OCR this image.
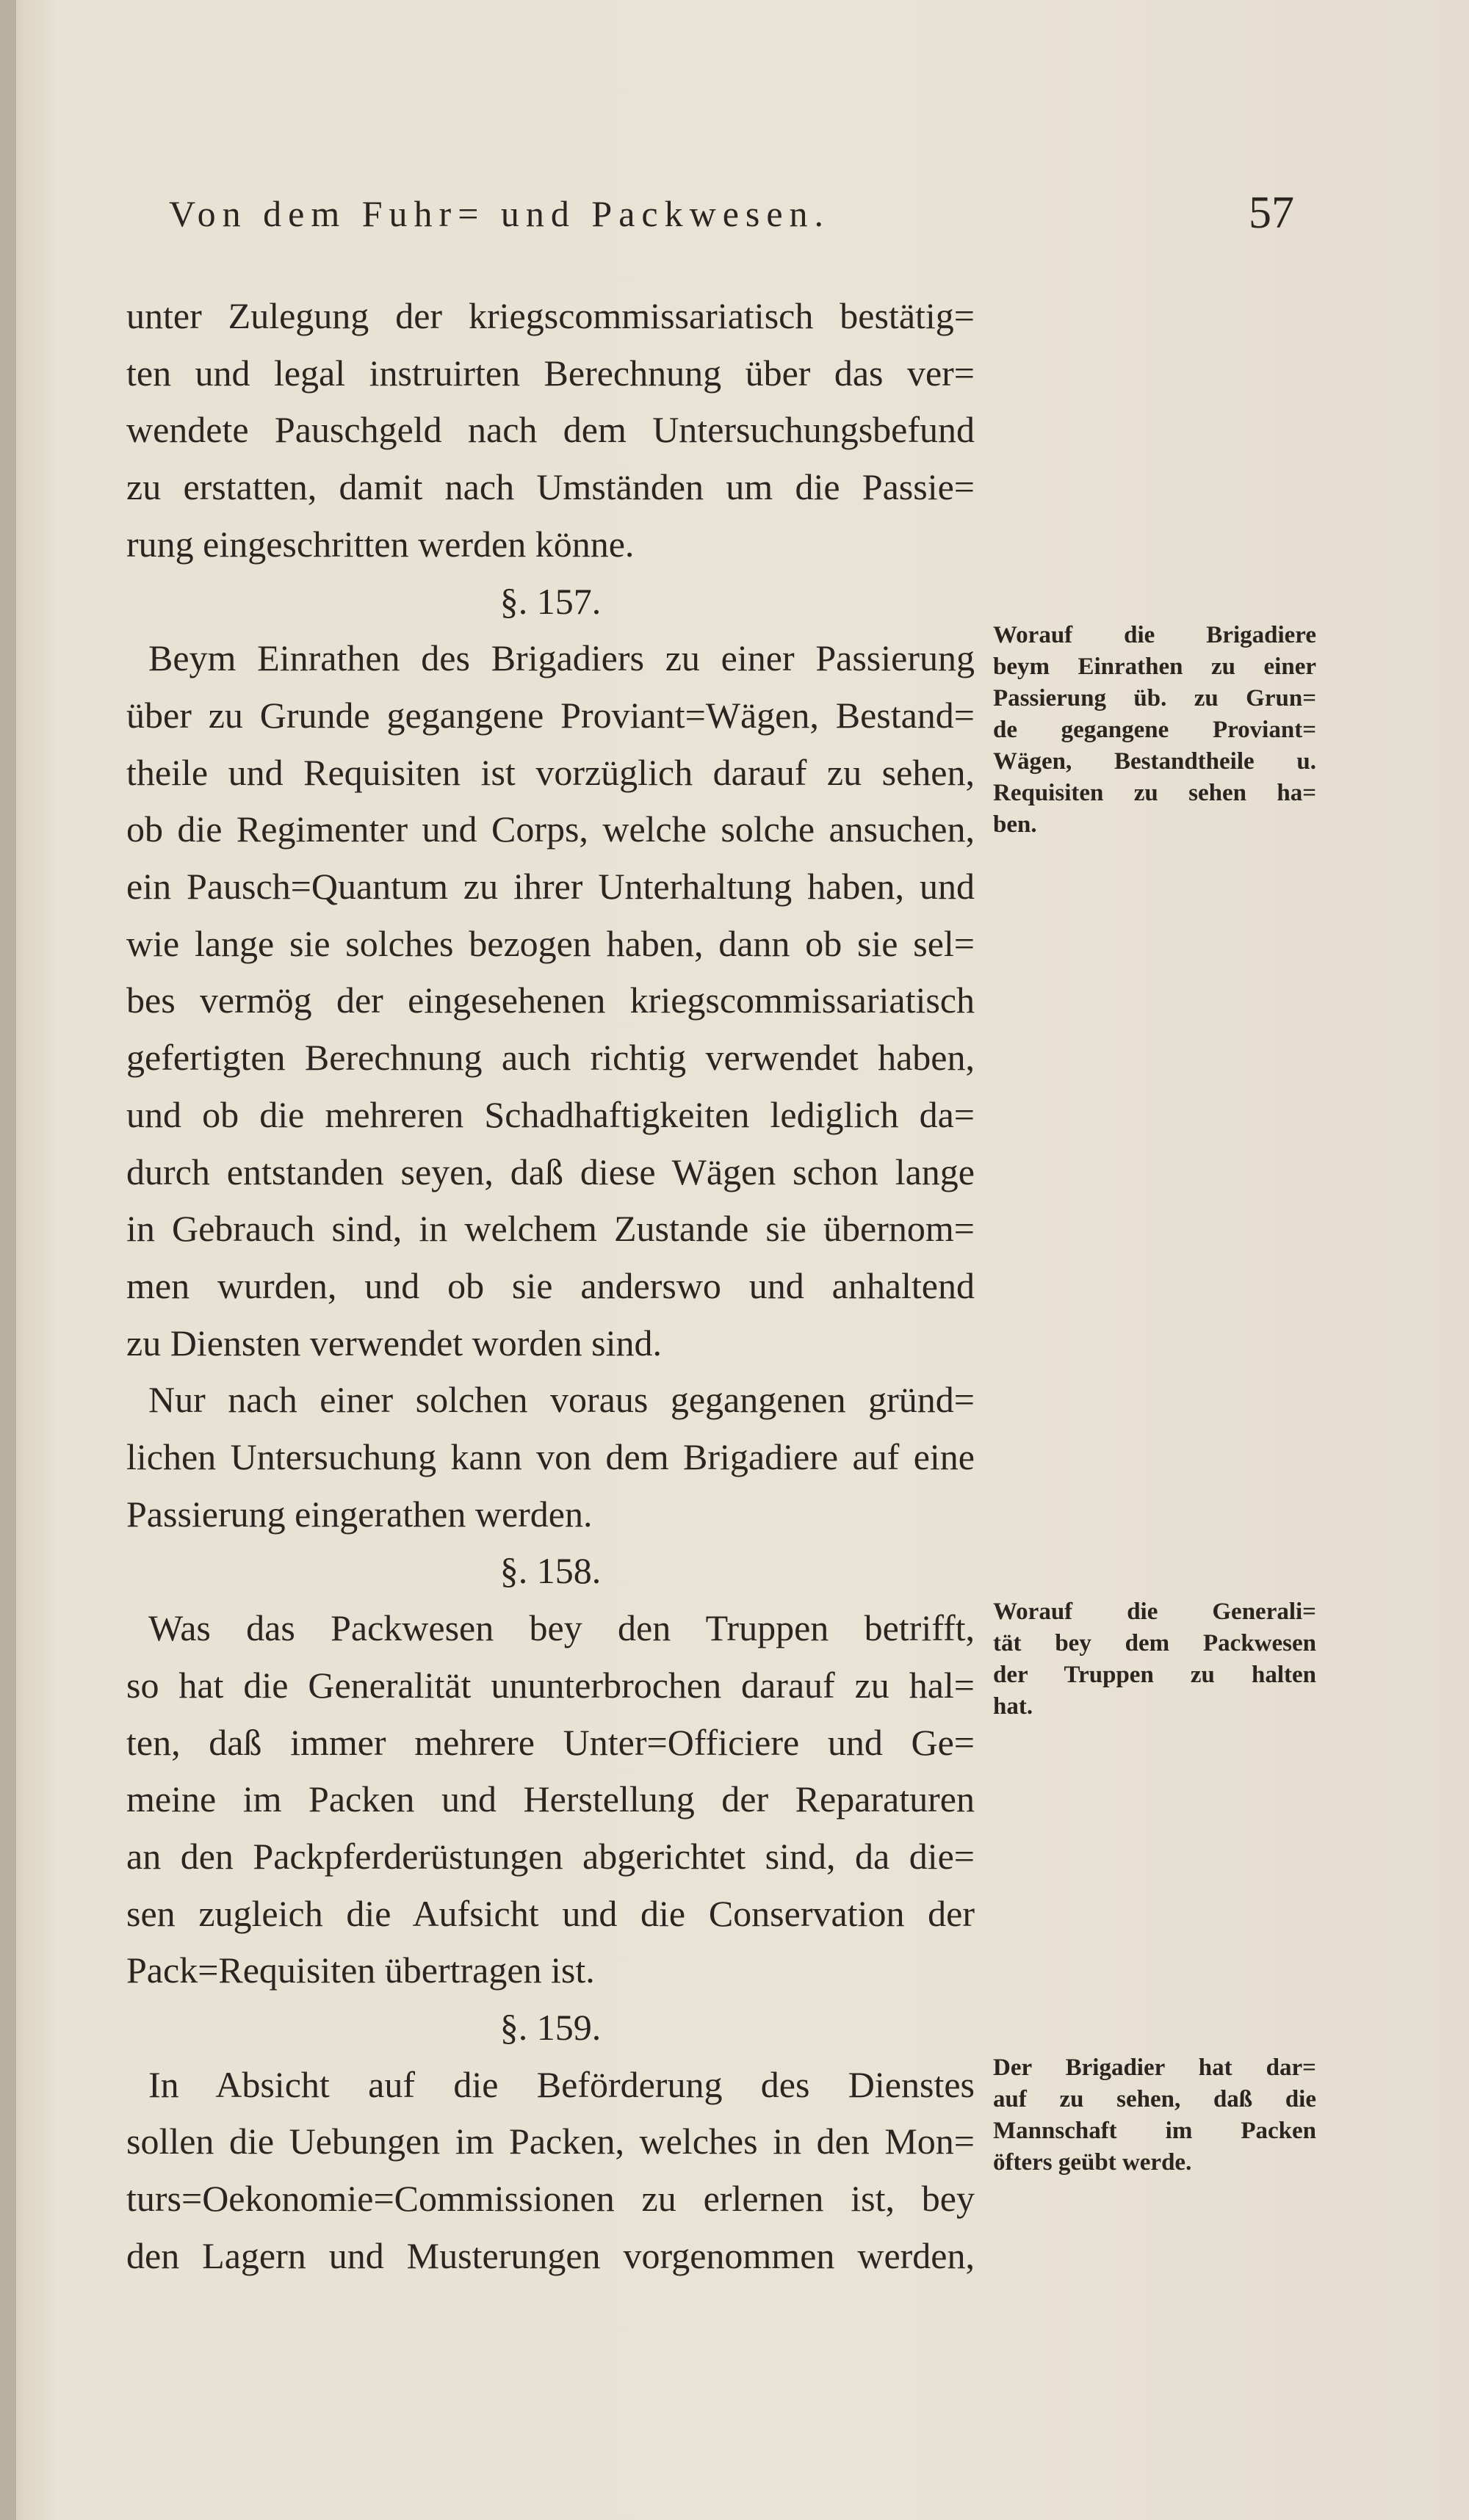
Von dem Fuhr= und Packwesen.	57
unter Zulegung der kriegscommissariatisch bestätig=
ten und legal instruirten Berechnung über das ver=
wendete Pauschgeld nach dem Untersuchungsbefund
zu erstatten, damit nach Umständen um die Passie=
rung eingeschritten werden könne.
§. 157.
Beym Einrathen des Brigadiers zu einer Passierung
über zu Grunde gegangene Proviant=Wägen, Bestand=
theile und Requisiten ist vorzüglich darauf zu sehen,
ob die Regimenter und Corps, welche solche ansuchen,
ein Pausch=Quantum zu ihrer Unterhaltung haben, und
wie lange sie solches bezogen haben, dann ob sie sel=
bes vermög der eingesehenen kriegscommissariatisch
gefertigten Berechnung auch richtig verwendet haben,
und ob die mehreren Schadhaftigkeiten lediglich da=
durch entstanden seyen, daß diese Wägen schon lange
in Gebrauch sind, in welchem Zustande sie übernom=
men wurden, und ob sie anderswo und anhaltend
zu Diensten verwendet worden sind.
Nur nach einer solchen voraus gegangenen gründ=
lichen Untersuchung kann von dem Brigadiere auf eine
Passierung eingerathen werden.
§. 158.
Was das Packwesen bey den Truppen betrifft,
so hat die Generalität ununterbrochen darauf zu hal=
ten, daß immer mehrere Unter=Officiere und Ge=
meine im Packen und Herstellung der Reparaturen
an den Packpferderüstungen abgerichtet sind, da die=
sen zugleich die Aufsicht und die Conservation der
Pack=Requisiten übertragen ist.
§. 159.
In Absicht auf die Beförderung des Dienstes
sollen die Uebungen im Packen, welches in den Mon=
turs=Oekonomie=Commissionen zu erlernen ist, bey
den Lagern und Musterungen vorgenommen werden,
Worauf die Brigadiere
beym Einrathen zu einer
Passierung üb. zu Grun=
de gegangene Proviant=
Wägen, Bestandtheile u.
Requisiten zu sehen ha=
ben.
Worauf die Generali=
tät bey dem Packwesen
der Truppen zu halten
hat.
Der Brigadier hat dar=
auf zu sehen, daß die
Mannschaft im Packen
öfters geübt werde.
